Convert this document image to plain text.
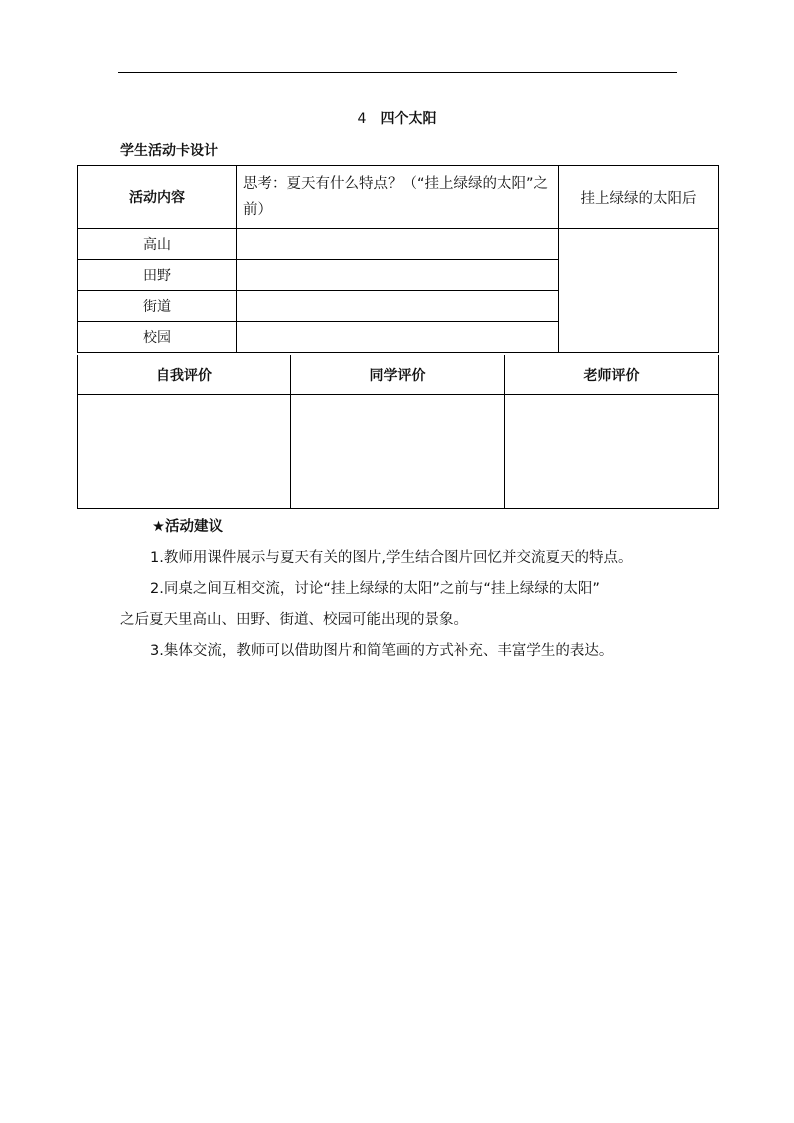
4 四个太阳
学生活动卡设计
活动内容	思考：夏天有什么特点？（“挂上绿绿的太阳”之前）	挂上绿绿的太阳后
高山		
田野		
街道		
校园		
自我评价	同学评价	老师评价

★活动建议

1.教师用课件展示与夏天有关的图片,学生结合图片回忆并交流夏天的特点。

2.同桌之间互相交流，讨论“挂上绿绿的太阳”之前与“挂上绿绿的太阳”

之后夏天里高山、田野、街道、校园可能出现的景象。

3.集体交流，教师可以借助图片和简笔画的方式补充、丰富学生的表达。
